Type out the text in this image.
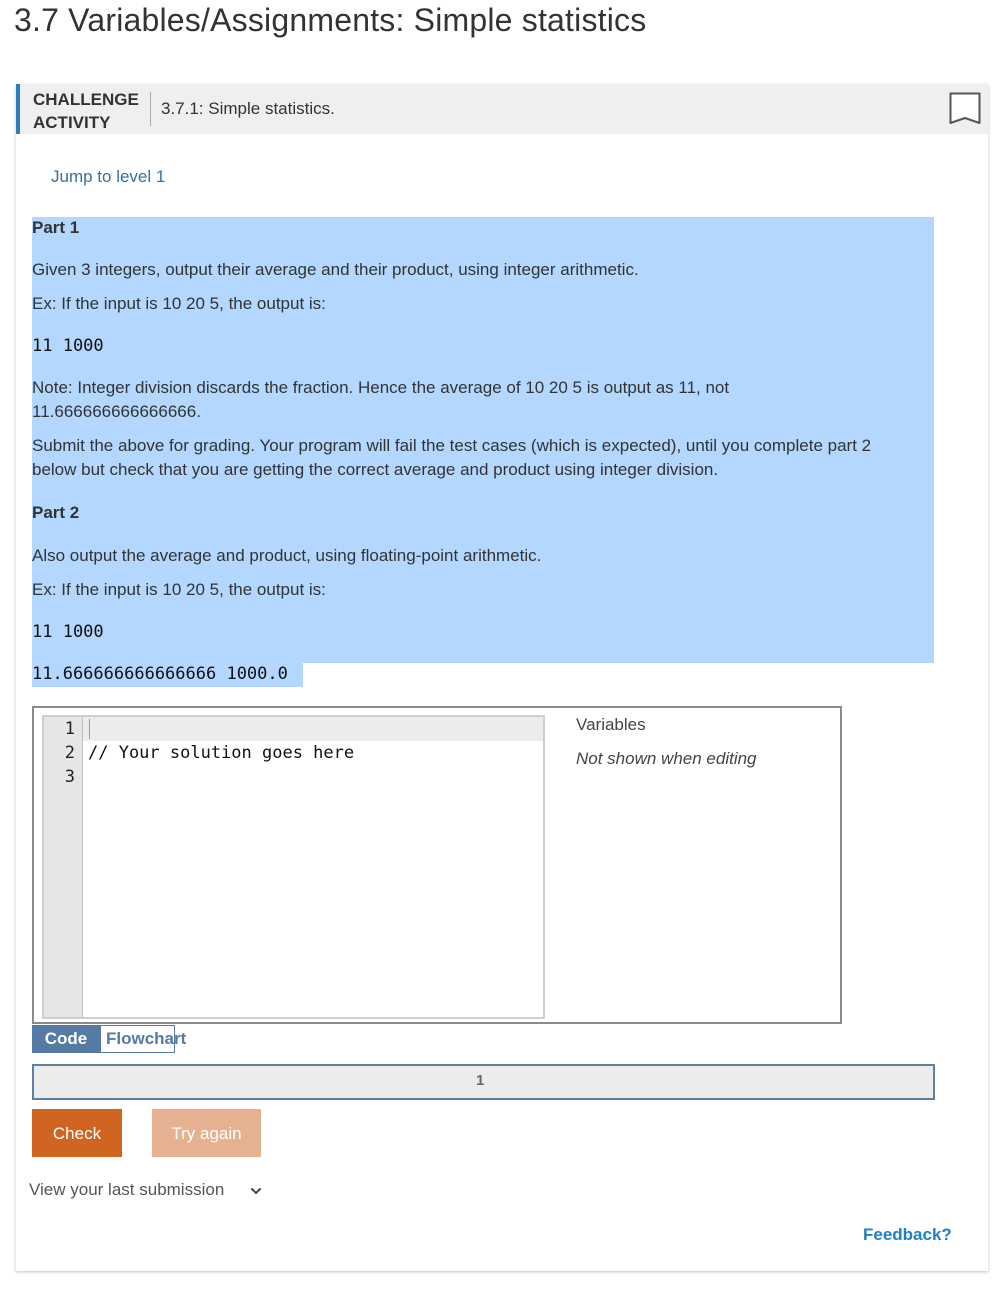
3.7 Variables/Assignments: Simple statistics
CHALLENGE
ACTIVITY
3.7.1: Simple statistics.
Jump to level 1
Part 1
Given 3 integers, output their average and their product, using integer arithmetic.
Ex: If the input is 10 20 5, the output is:
11 1000
Note: Integer division discards the fraction. Hence the average of 10 20 5 is output as 11, not
11.666666666666666.
Submit the above for grading. Your program will fail the test cases (which is expected), until you complete part 2
below but check that you are getting the correct average and product using integer division.
Part 2
Also output the average and product, using floating-point arithmetic.
Ex: If the input is 10 20 5, the output is:
11 1000
11.666666666666666 1000.0
1
2 // Your solution goes here
3
Variables
Not shown when editing
Code	Flowchart
1
Check	Try again
View your last submission
Feedback?
